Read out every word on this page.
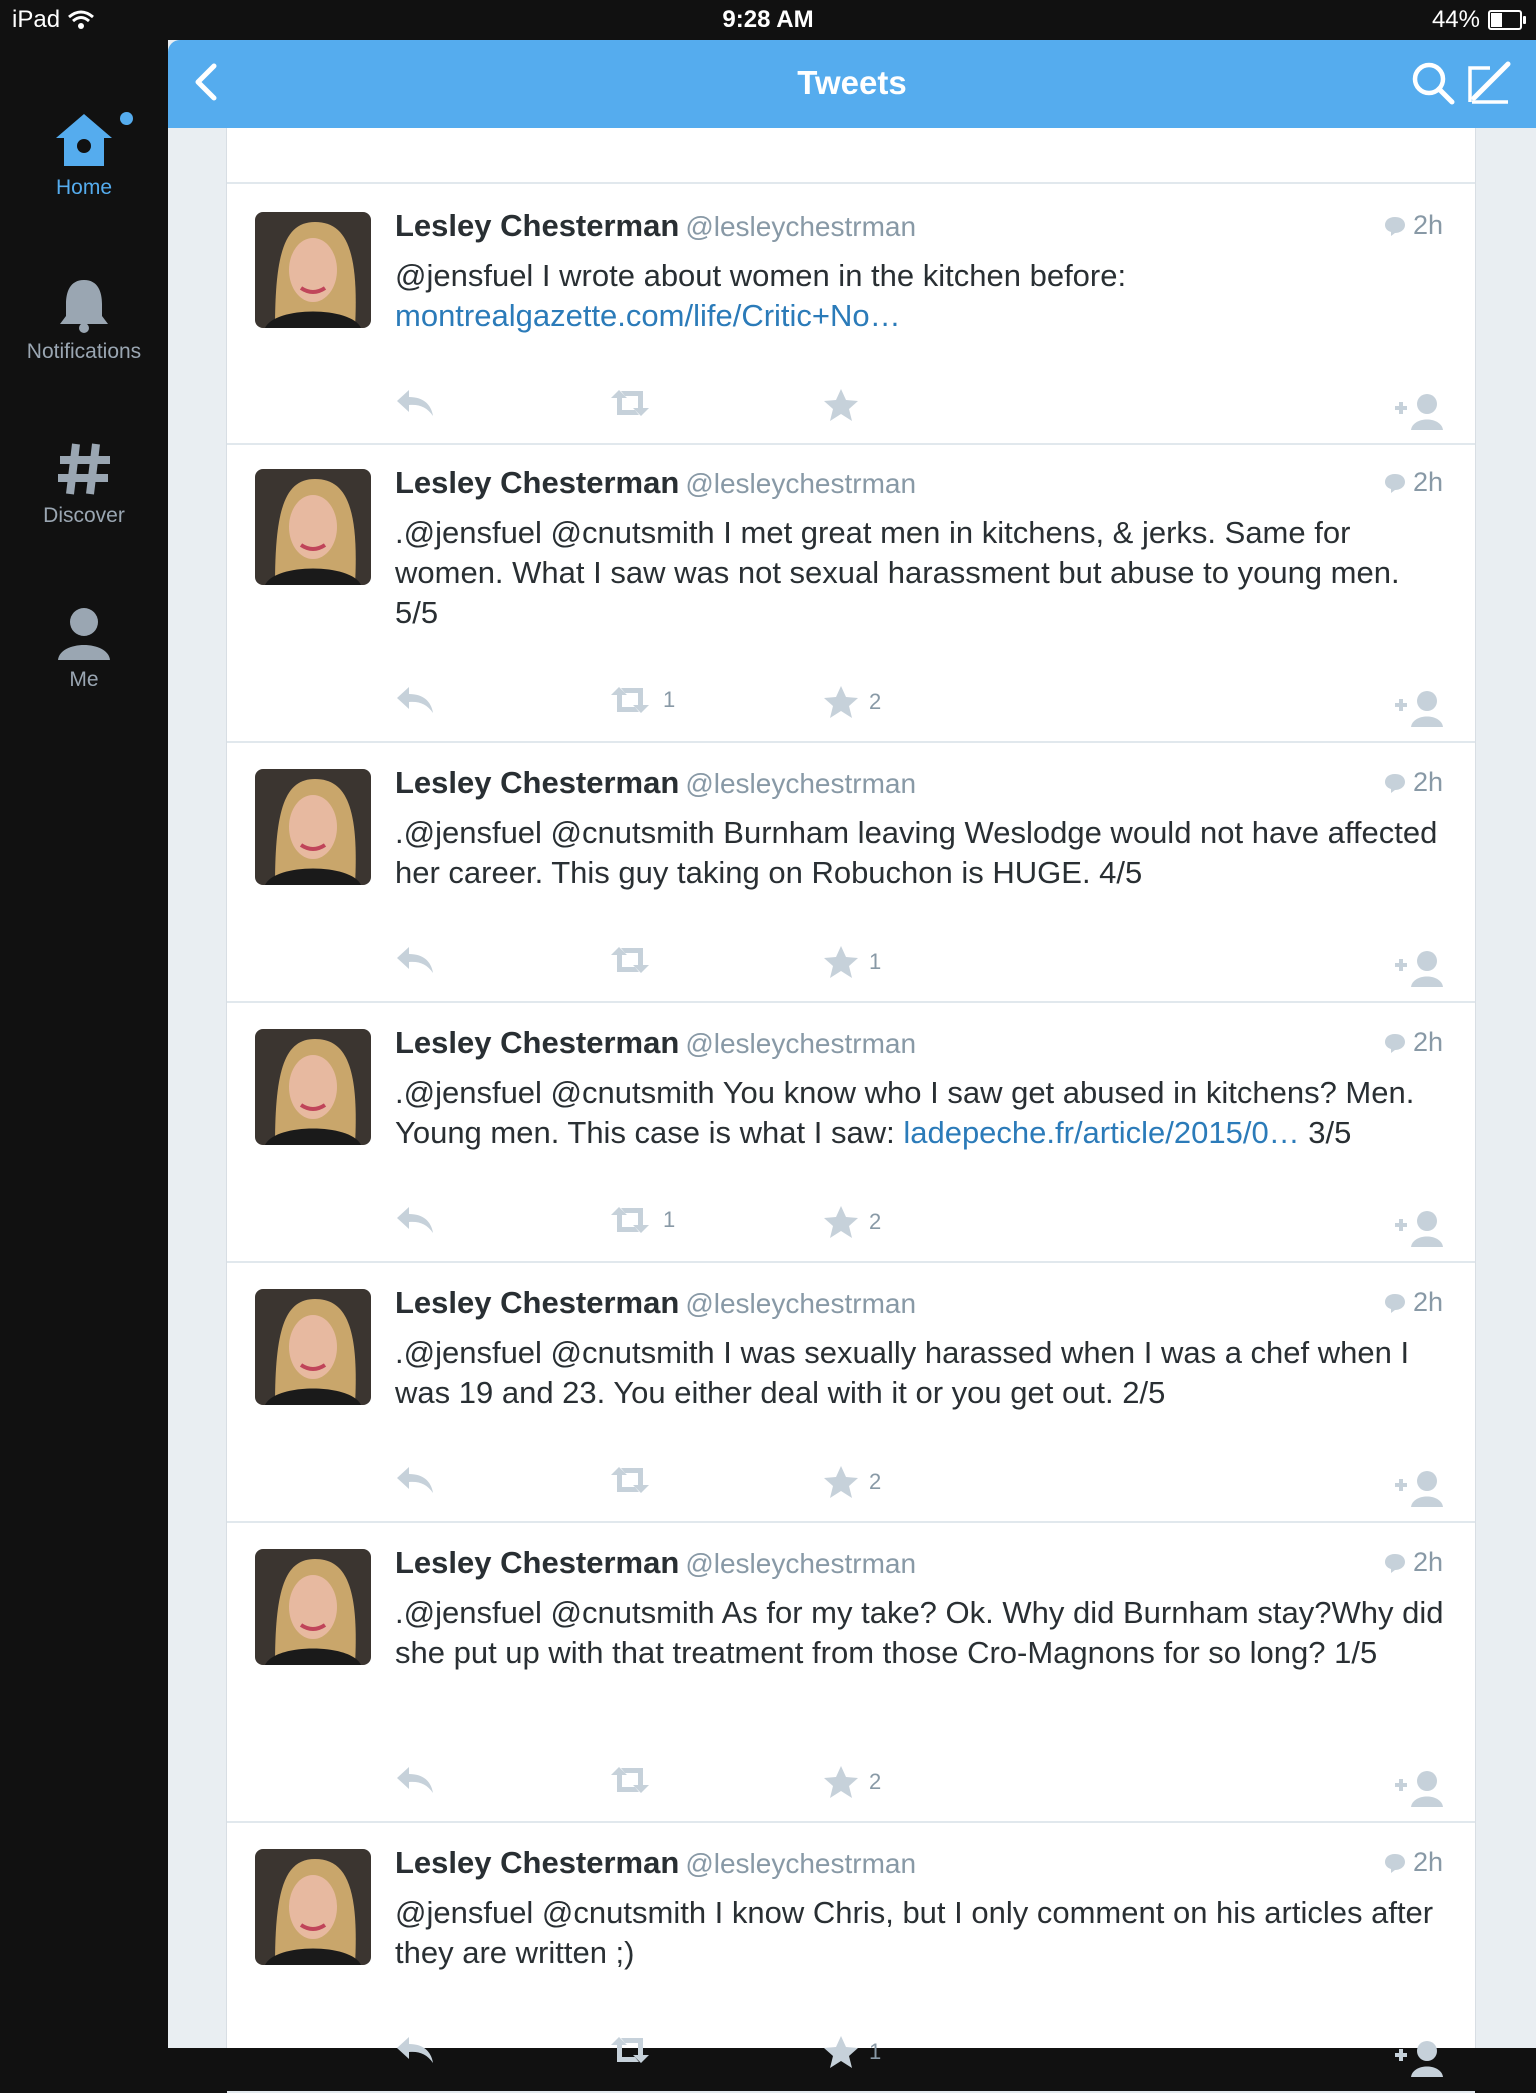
iPad	9:28 AM	44%
Home
Notifications
Discover
Me
Tweets
Lesley Chesterman @lesleychestrman	2h
@jensfuel I wrote about women in the kitchen before: montrealgazette.com/life/Critic+No…
Lesley Chesterman @lesleychestrman	2h
.@jensfuel @cnutsmith I met great men in kitchens, & jerks. Same for women. What I saw was not sexual harassment but abuse to young men. 5/5
1	2
Lesley Chesterman @lesleychestrman	2h
.@jensfuel @cnutsmith Burnham leaving Weslodge would not have affected her career. This guy taking on Robuchon is HUGE. 4/5
1
Lesley Chesterman @lesleychestrman	2h
.@jensfuel @cnutsmith You know who I saw get abused in kitchens? Men. Young men. This case is what I saw: ladepeche.fr/article/2015/0… 3/5
1	2
Lesley Chesterman @lesleychestrman	2h
.@jensfuel @cnutsmith I was sexually harassed when I was a chef when I was 19 and 23. You either deal with it or you get out. 2/5
2
Lesley Chesterman @lesleychestrman	2h
.@jensfuel @cnutsmith As for my take? Ok. Why did Burnham stay?Why did she put up with that treatment from those Cro-Magnons for so long? 1/5
2
Lesley Chesterman @lesleychestrman	2h
@jensfuel @cnutsmith I know Chris, but I only comment on his articles after they are written ;)
1
